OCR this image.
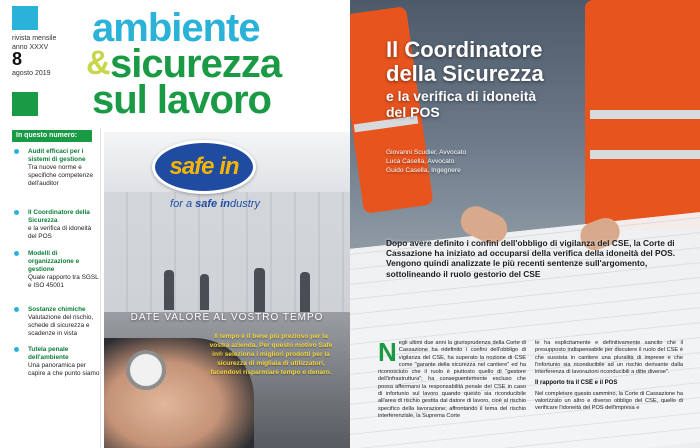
rivista mensile
anno XXXV
8
agosto 2019
ambiente
& sicurezza
sul lavoro
In questo numero:
Audit efficaci per i sistemi di gestione
Tra nuove norme e specifiche competenze dell'auditor
Il Coordinatore della Sicurezza
e la verifica di idoneità del POS
Modelli di organizzazione e gestione
Quale rapporto tra SGSL e ISO 45001
Sostanze chimiche
Valutazione del rischio, schede di sicurezza e scadenze in vista
Tutela penale dell'ambiente
Una panoramica per capire a che punto siamo
safe in
for a safe industry
DATE VALORE AL VOSTRO TEMPO
Il tempo è il bene più prezioso per la vostra azienda. Per questo motivo Safe in® seleziona i migliori prodotti per la sicurezza di migliaia di utilizzatori, facendovi risparmiare tempo e denaro.
Il Coordinatore
della Sicurezza
e la verifica di idoneità
del POS
Giovanni Scudier, Avvocato
Luca Casella, Avvocato
Guido Casella, Ingegnere
Dopo avere definito i confini dell'obbligo di vigilanza del CSE, la Corte di Cassazione ha iniziato ad occuparsi della verifica della idoneità del POS. Vengono quindi analizzate le più recenti sentenze sull'argomento, sottolineando il ruolo gestorio del CSE
Negli ultimi due anni la giurisprudenza della Corte di Cassazione ha ridefinito i confini dell'obbligo di vigilanza del CSE, ha superato la nozione di CSE come "garante della sicurezza nel cantiere" ed ha riconosciuto che il ruolo è piuttosto quello di "gestore dell'infrastruttura"; ha conseguentemente escluso che possa affermarsi la responsabilità penale del CSE in caso di infortunio sul lavoro quando questo sia riconducibile all'area di rischio gestita dal datore di lavoro, cioè al rischio specifico della lavorazione; affrontando il tema del rischio interferenziale, la Suprema Corte
te ha esplicitamente e definitivamente sancito che il presupposto indispensabile per discutere il ruolo del CSE è che sussista in cantiere una pluralità di imprese e che l'infortunio sia riconducibile ad un rischio derivante dalla interferenza di lavorazioni riconducibili a ditte diverse".
Il rapporto tra il CSE e il POS
Nel completare questo cammino, la Corte di Cassazione ha valorizzato un altro e diverso obbligo del CSE, quello di verificare l'idoneità del POS dell'impresa e
